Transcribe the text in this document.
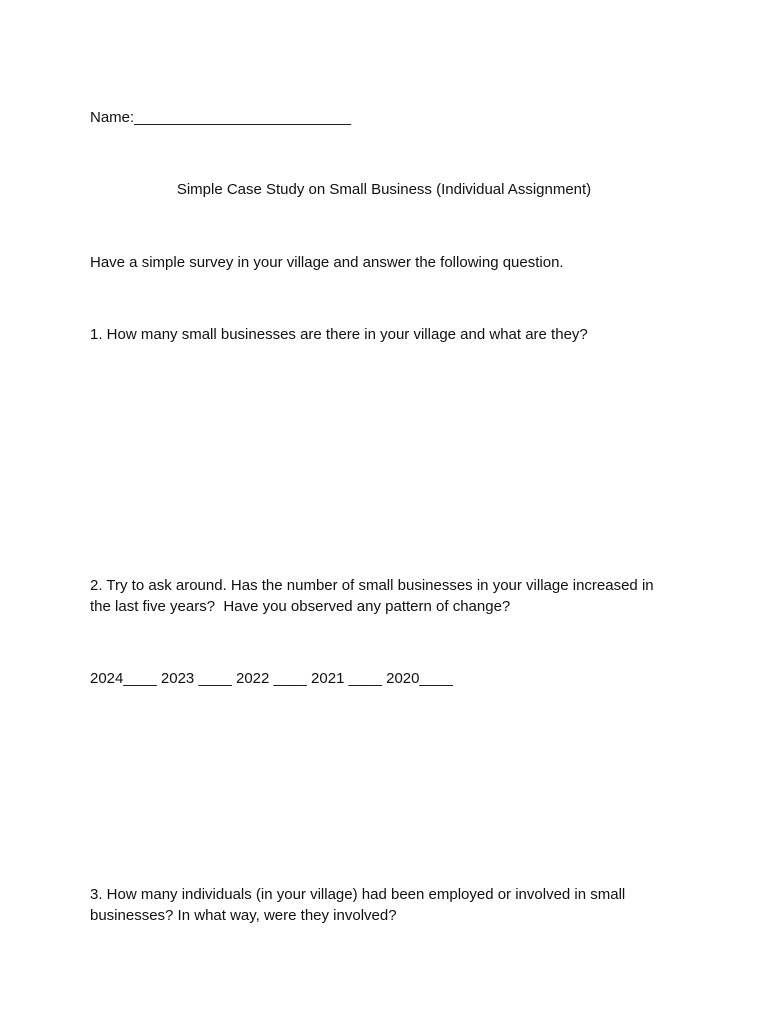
Name:__________________________

Simple Case Study on Small Business (Individual Assignment)

Have a simple survey in your village and answer the following question.

1. How many small businesses are there in your village and what are they?

2. Try to ask around. Has the number of small businesses in your village increased in
the last five years?  Have you observed any pattern of change?

2024____ 2023 ____ 2022 ____ 2021 ____ 2020____

3. How many individuals (in your village) had been employed or involved in small
businesses? In what way, were they involved?
